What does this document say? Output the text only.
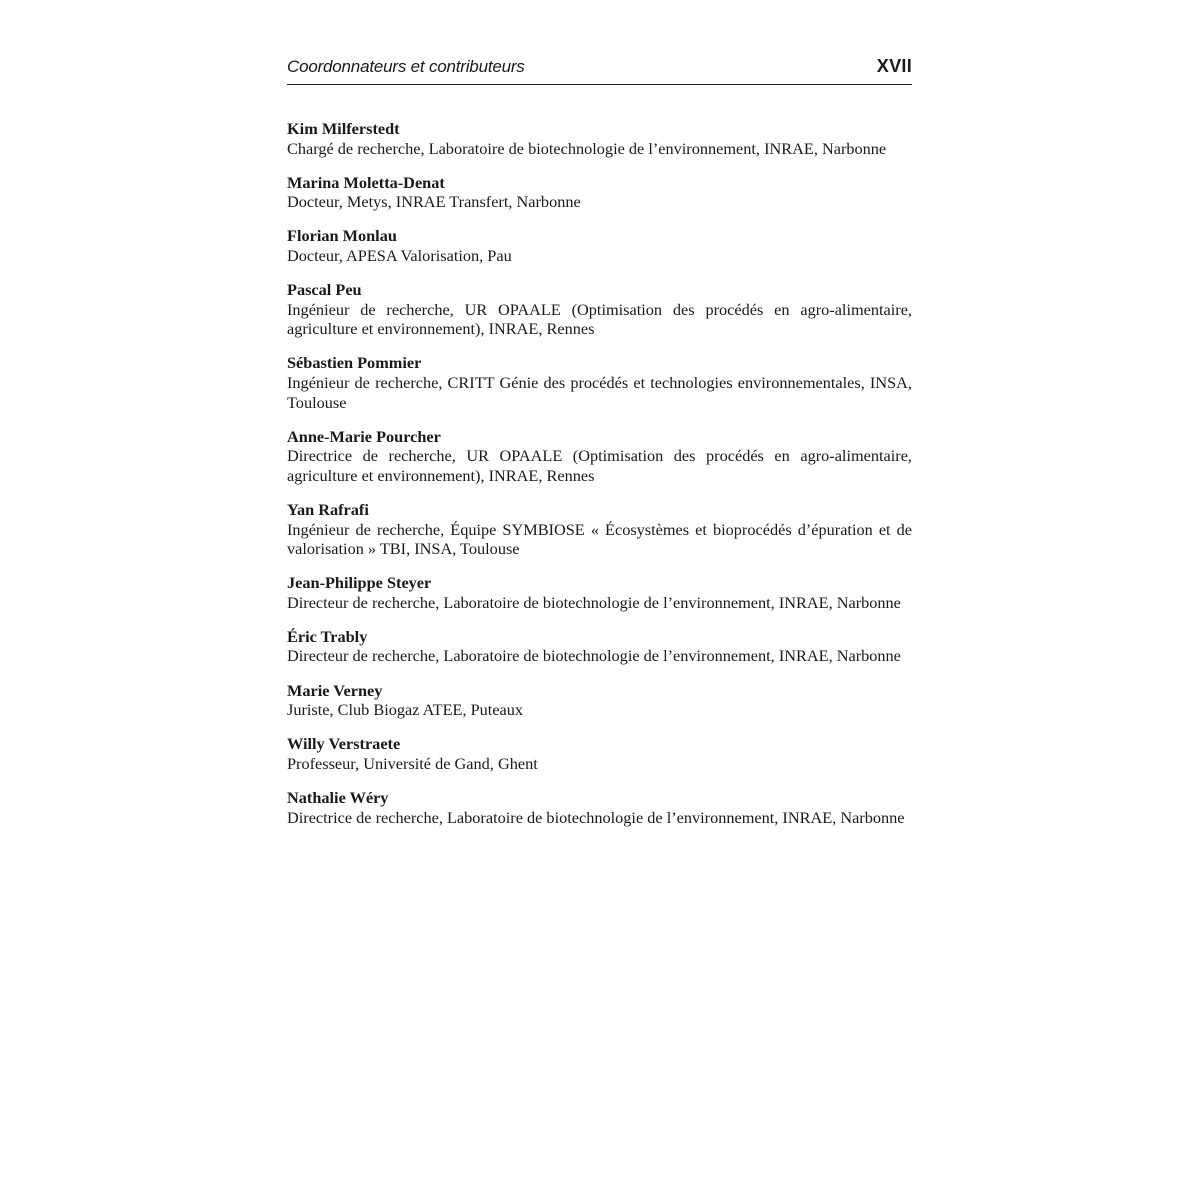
Coordonnateurs et contributeurs	XVII
Kim Milferstedt
Chargé de recherche, Laboratoire de biotechnologie de l’environnement, INRAE, Narbonne
Marina Moletta-Denat
Docteur, Metys, INRAE Transfert, Narbonne
Florian Monlau
Docteur, APESA Valorisation, Pau
Pascal Peu
Ingénieur de recherche, UR OPAALE (Optimisation des procédés en agro-alimentaire, agriculture et environnement), INRAE, Rennes
Sébastien Pommier
Ingénieur de recherche, CRITT Génie des procédés et technologies environnementales, INSA, Toulouse
Anne-Marie Pourcher
Directrice de recherche, UR OPAALE (Optimisation des procédés en agro-alimentaire, agriculture et environnement), INRAE, Rennes
Yan Rafrafi
Ingénieur de recherche, Équipe SYMBIOSE « Écosystèmes et bioprocédés d’épuration et de valorisation » TBI, INSA, Toulouse
Jean-Philippe Steyer
Directeur de recherche, Laboratoire de biotechnologie de l’environnement, INRAE, Narbonne
Éric Trably
Directeur de recherche, Laboratoire de biotechnologie de l’environnement, INRAE, Narbonne
Marie Verney
Juriste, Club Biogaz ATEE, Puteaux
Willy Verstraete
Professeur, Université de Gand, Ghent
Nathalie Wéry
Directrice de recherche, Laboratoire de biotechnologie de l’environnement, INRAE, Narbonne
